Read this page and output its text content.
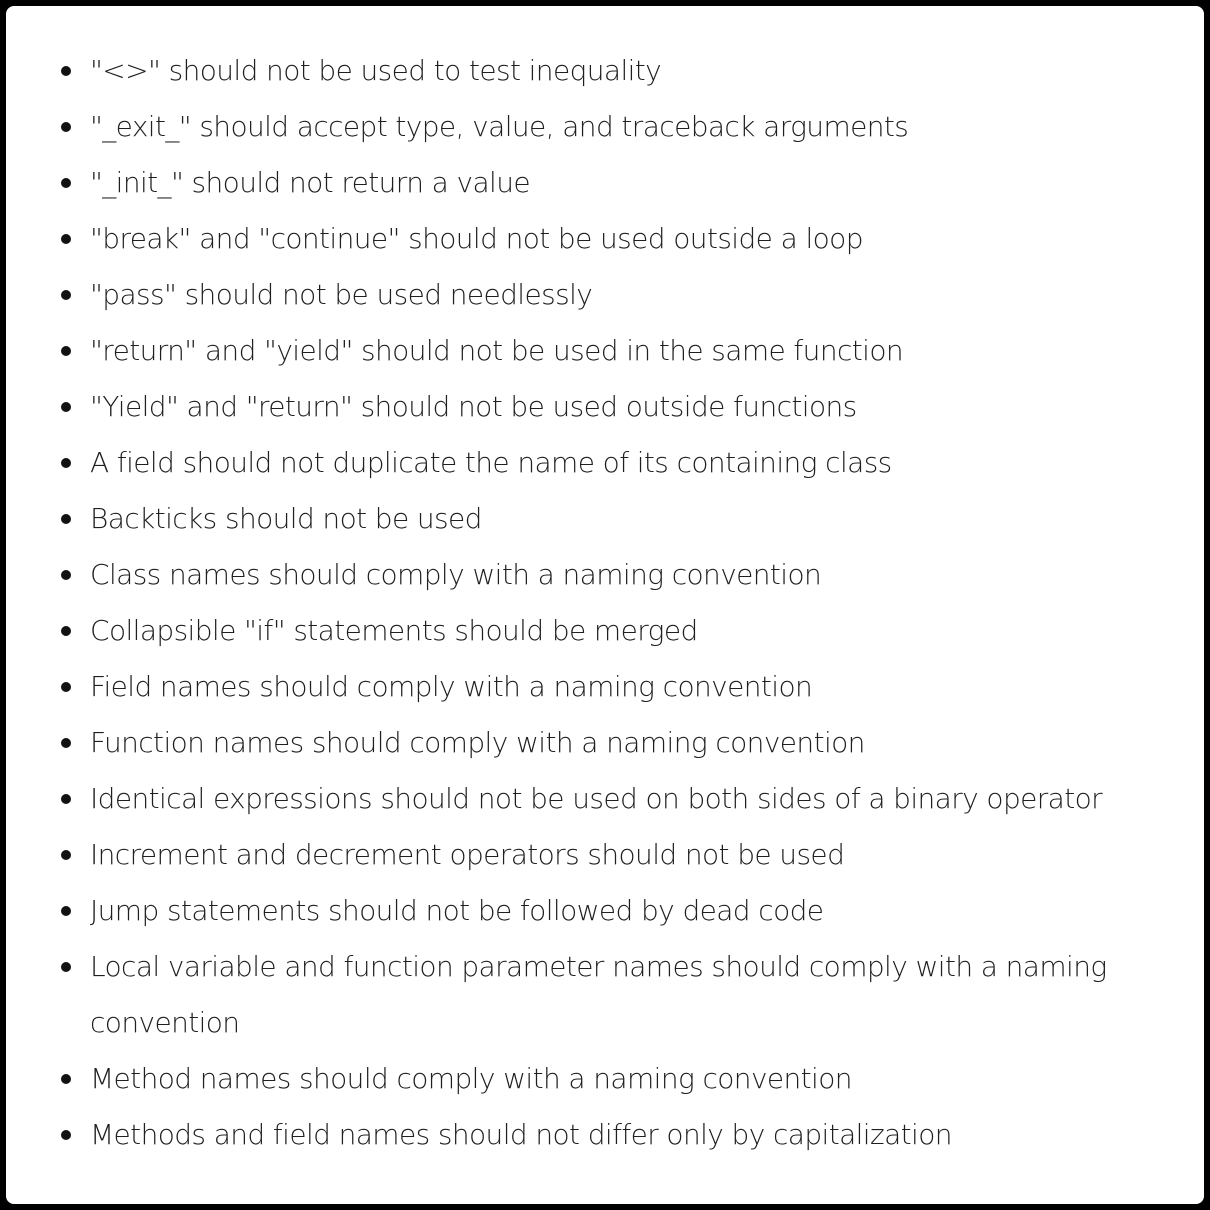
"<>" should not be used to test inequality
"_exit_" should accept type, value, and traceback arguments
"_init_" should not return a value
"break" and "continue" should not be used outside a loop
"pass" should not be used needlessly
"return" and "yield" should not be used in the same function
"Yield" and "return" should not be used outside functions
A field should not duplicate the name of its containing class
Backticks should not be used
Class names should comply with a naming convention
Collapsible "if" statements should be merged
Field names should comply with a naming convention
Function names should comply with a naming convention
Identical expressions should not be used on both sides of a binary operator
Increment and decrement operators should not be used
Jump statements should not be followed by dead code
Local variable and function parameter names should comply with a naming convention
Method names should comply with a naming convention
Methods and field names should not differ only by capitalization
